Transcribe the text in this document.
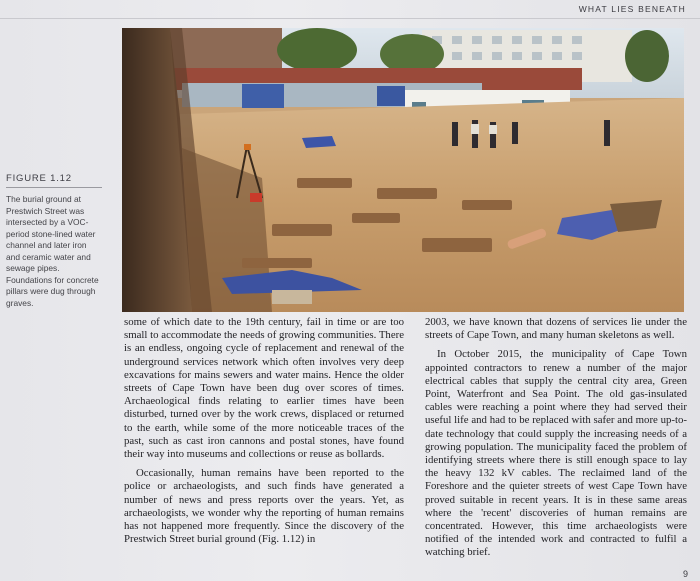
WHAT LIES BENEATH
FIGURE 1.12
The burial ground at Prestwich Street was intersected by a VOC-period stone-lined water channel and later iron and ceramic water and sewage pipes. Foundations for concrete pillars were dug through graves.

some of which date to the 19th century, fail in time or are too small to accommodate the needs of growing communities. There is an endless, ongoing cycle of replacement and renewal of the underground services network which often involves very deep excavations for mains sewers and water mains. Hence the older streets of Cape Town have been dug over scores of times. Archaeological finds relating to earlier times have been disturbed, turned over by the work crews, displaced or returned to the earth, while some of the more noticeable traces of the past, such as cast iron cannons and postal stones, have found their way into museums and collections or reuse as bollards.

Occasionally, human remains have been reported to the police or archaeologists, and such finds have generated a number of news and press reports over the years. Yet, as archaeologists, we wonder why the reporting of human remains has not happened more frequently. Since the discovery of the Prestwich Street burial ground (Fig. 1.12) in

2003, we have known that dozens of services lie under the streets of Cape Town, and many human skeletons as well.

In October 2015, the municipality of Cape Town appointed contractors to renew a number of the major electrical cables that supply the central city area, Green Point, Waterfront and Sea Point. The old gas-insulated cables were reaching a point where they had served their useful life and had to be replaced with safer and more up-to-date technology that could supply the increasing needs of a growing population. The municipality faced the problem of identifying streets where there is still enough space to lay the heavy 132 kV cables. The reclaimed land of the Foreshore and the quieter streets of west Cape Town have proved suitable in recent years. It is in these same areas where the 'recent' discoveries of human remains are concentrated. However, this time archaeologists were notified of the intended work and contracted to fulfil a watching brief.

9
